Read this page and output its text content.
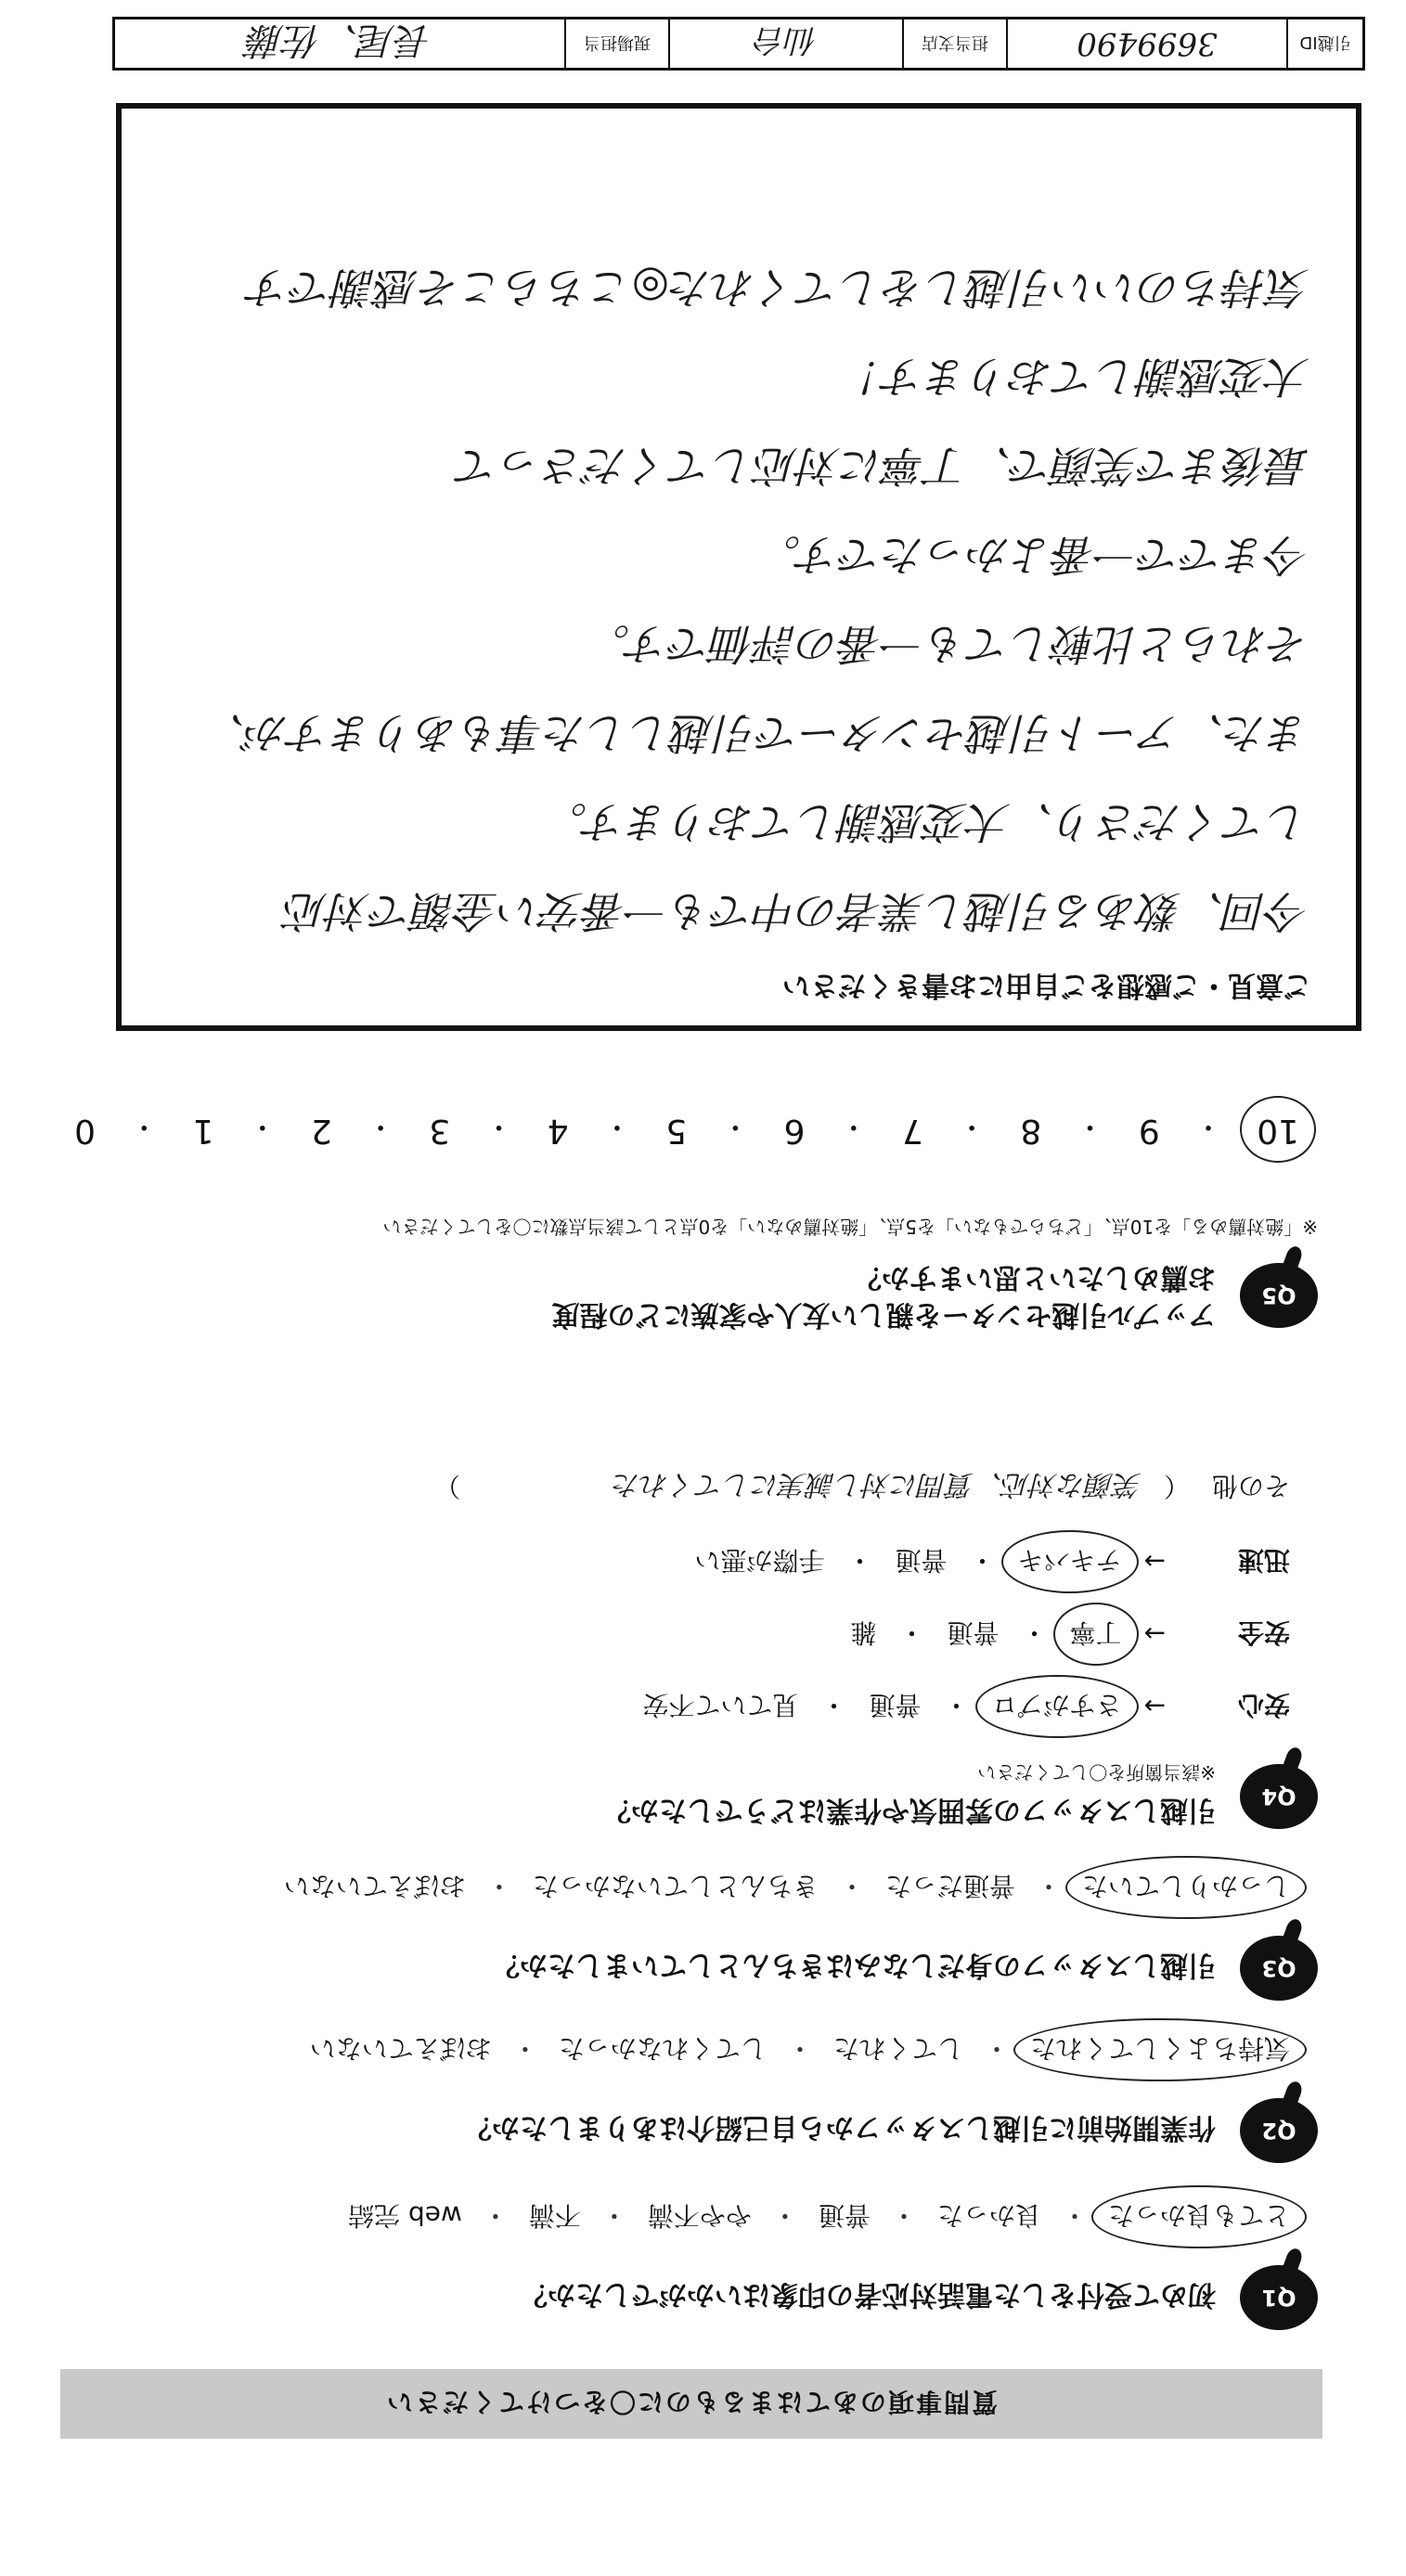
質問事項のあてはまるものに〇をつけてください
Q1
初めて受付をした電話対応者の印象はいかがでしたか？
とても良かった
・
良かった
・
普通
・
やや不満
・
不満
・
web 完結
Q2
作業開始前に引越しスタッフから自己紹介はありましたか？
気持ちよくしてくれた
・
してくれた
・
してくれなかった
・
おぼえていない
Q3
引越しスタッフの身だしなみはきちんとしていましたか？
しっかりしていた
・
普通だった
・
きちんとしていなかった
・
おぼえていない
Q4
引越しスタッフの雰囲気や作業はどうでしたか？
※該当箇所を〇してください
安心
→
さすがプロ
・
普通
・
見ていて不安
安全
→
丁寧
・
普通
・
雑
迅速
→
テキパキ
・
普通
・
手際が悪い
その他
（
笑顔な対応、質問に対し誠実にしてくれた
）
Q5
アップル引越センターを親しい友人や家族にどの程度お薦めしたいと思いますか？
※「絶対薦める」を10点、「どちらでもない」を5点、「絶対薦めない」を0点として該当点数に〇をしてください
10
・
9
・
8
・
7
・
6
・
5
・
4
・
3
・
2
・
1
・
0
ご意見・ご感想をご自由にお書きください
今回、数ある引越し業者の中でも一番安い金額で対応
してくださり、大変感謝しております。
また、アート引越センターで引越しした事もありますが、
それらと比較しても一番の評価です。
今までで一番よかったです。
最後まで笑顔で、丁寧に対応してくださって
大変感謝しております！
気持ちのいい引越しをしてくれた◎こちらこそ感謝です
引越ID
3699490
担当支店
仙台
現場担当
長尾、佐藤
